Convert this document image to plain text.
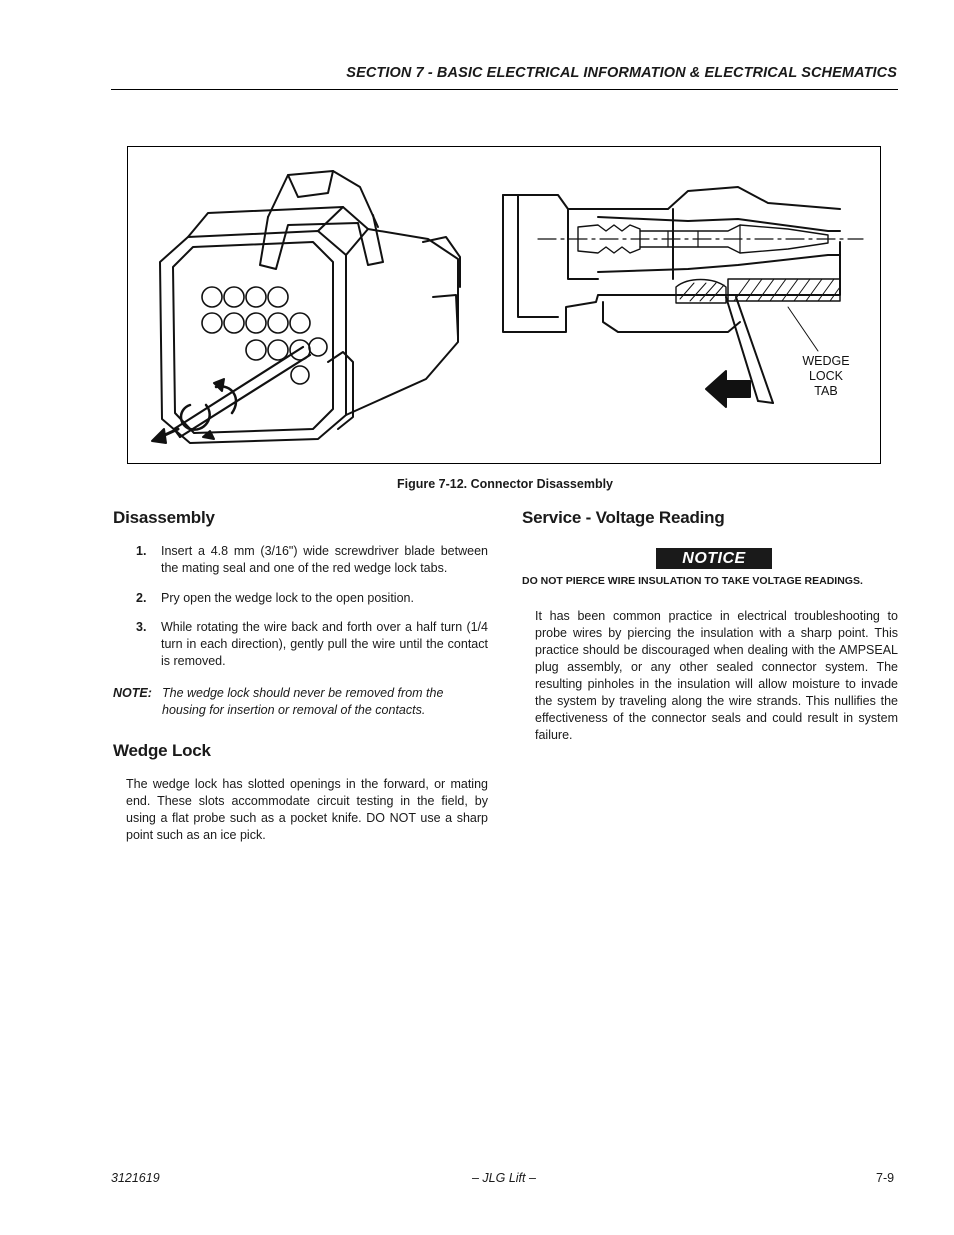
SECTION 7 - BASIC ELECTRICAL INFORMATION & ELECTRICAL SCHEMATICS
WEDGE
LOCK
TAB
Figure 7-12. Connector Disassembly
Disassembly
1. Insert a 4.8 mm (3/16") wide screwdriver blade between the mating seal and one of the red wedge lock tabs.
2. Pry open the wedge lock to the open position.
3. While rotating the wire back and forth over a half turn (1/4 turn in each direction), gently pull the wire until the contact is removed.
NOTE: The wedge lock should never be removed from the housing for insertion or removal of the contacts.
Wedge Lock
The wedge lock has slotted openings in the forward, or mating end. These slots accommodate circuit testing in the field, by using a flat probe such as a pocket knife. DO NOT use a sharp point such as an ice pick.
Service - Voltage Reading
NOTICE
DO NOT PIERCE WIRE INSULATION TO TAKE VOLTAGE READINGS.
It has been common practice in electrical troubleshooting to probe wires by piercing the insulation with a sharp point. This practice should be discouraged when dealing with the AMPSEAL plug assembly, or any other sealed connector system. The resulting pinholes in the insulation will allow moisture to invade the system by traveling along the wire strands. This nullifies the effectiveness of the connector seals and could result in system failure.
3121619	– JLG Lift –	7-9
